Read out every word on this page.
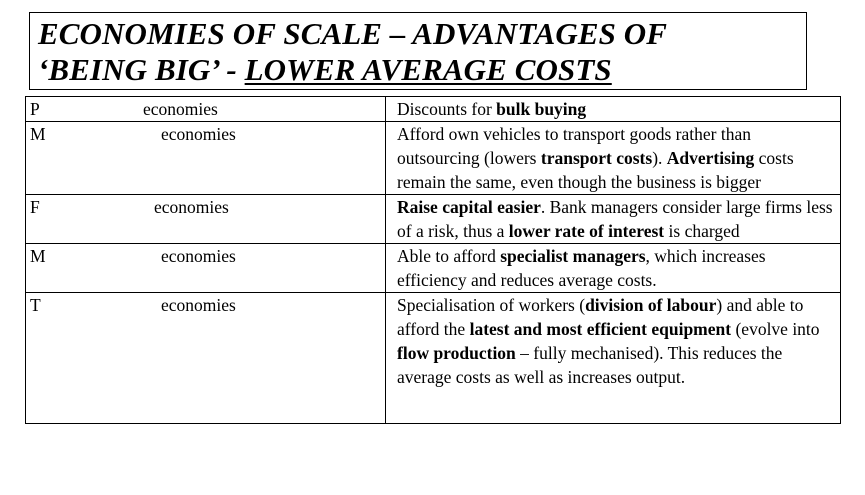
ECONOMIES OF SCALE – ADVANTAGES OF
‘BEING BIG’ - LOWER AVERAGE COSTS
P economies	Discounts for bulk buying
M economies	Afford own vehicles to transport goods rather than outsourcing (lowers transport costs). Advertising costs remain the same, even though the business is bigger
F economies	Raise capital easier. Bank managers consider large firms less of a risk, thus a lower rate of interest is charged
M economies	Able to afford specialist managers, which increases efficiency and reduces average costs.
T economies	Specialisation of workers (division of labour) and able to afford the latest and most efficient equipment (evolve into flow production – fully mechanised). This reduces the average costs as well as increases output.
